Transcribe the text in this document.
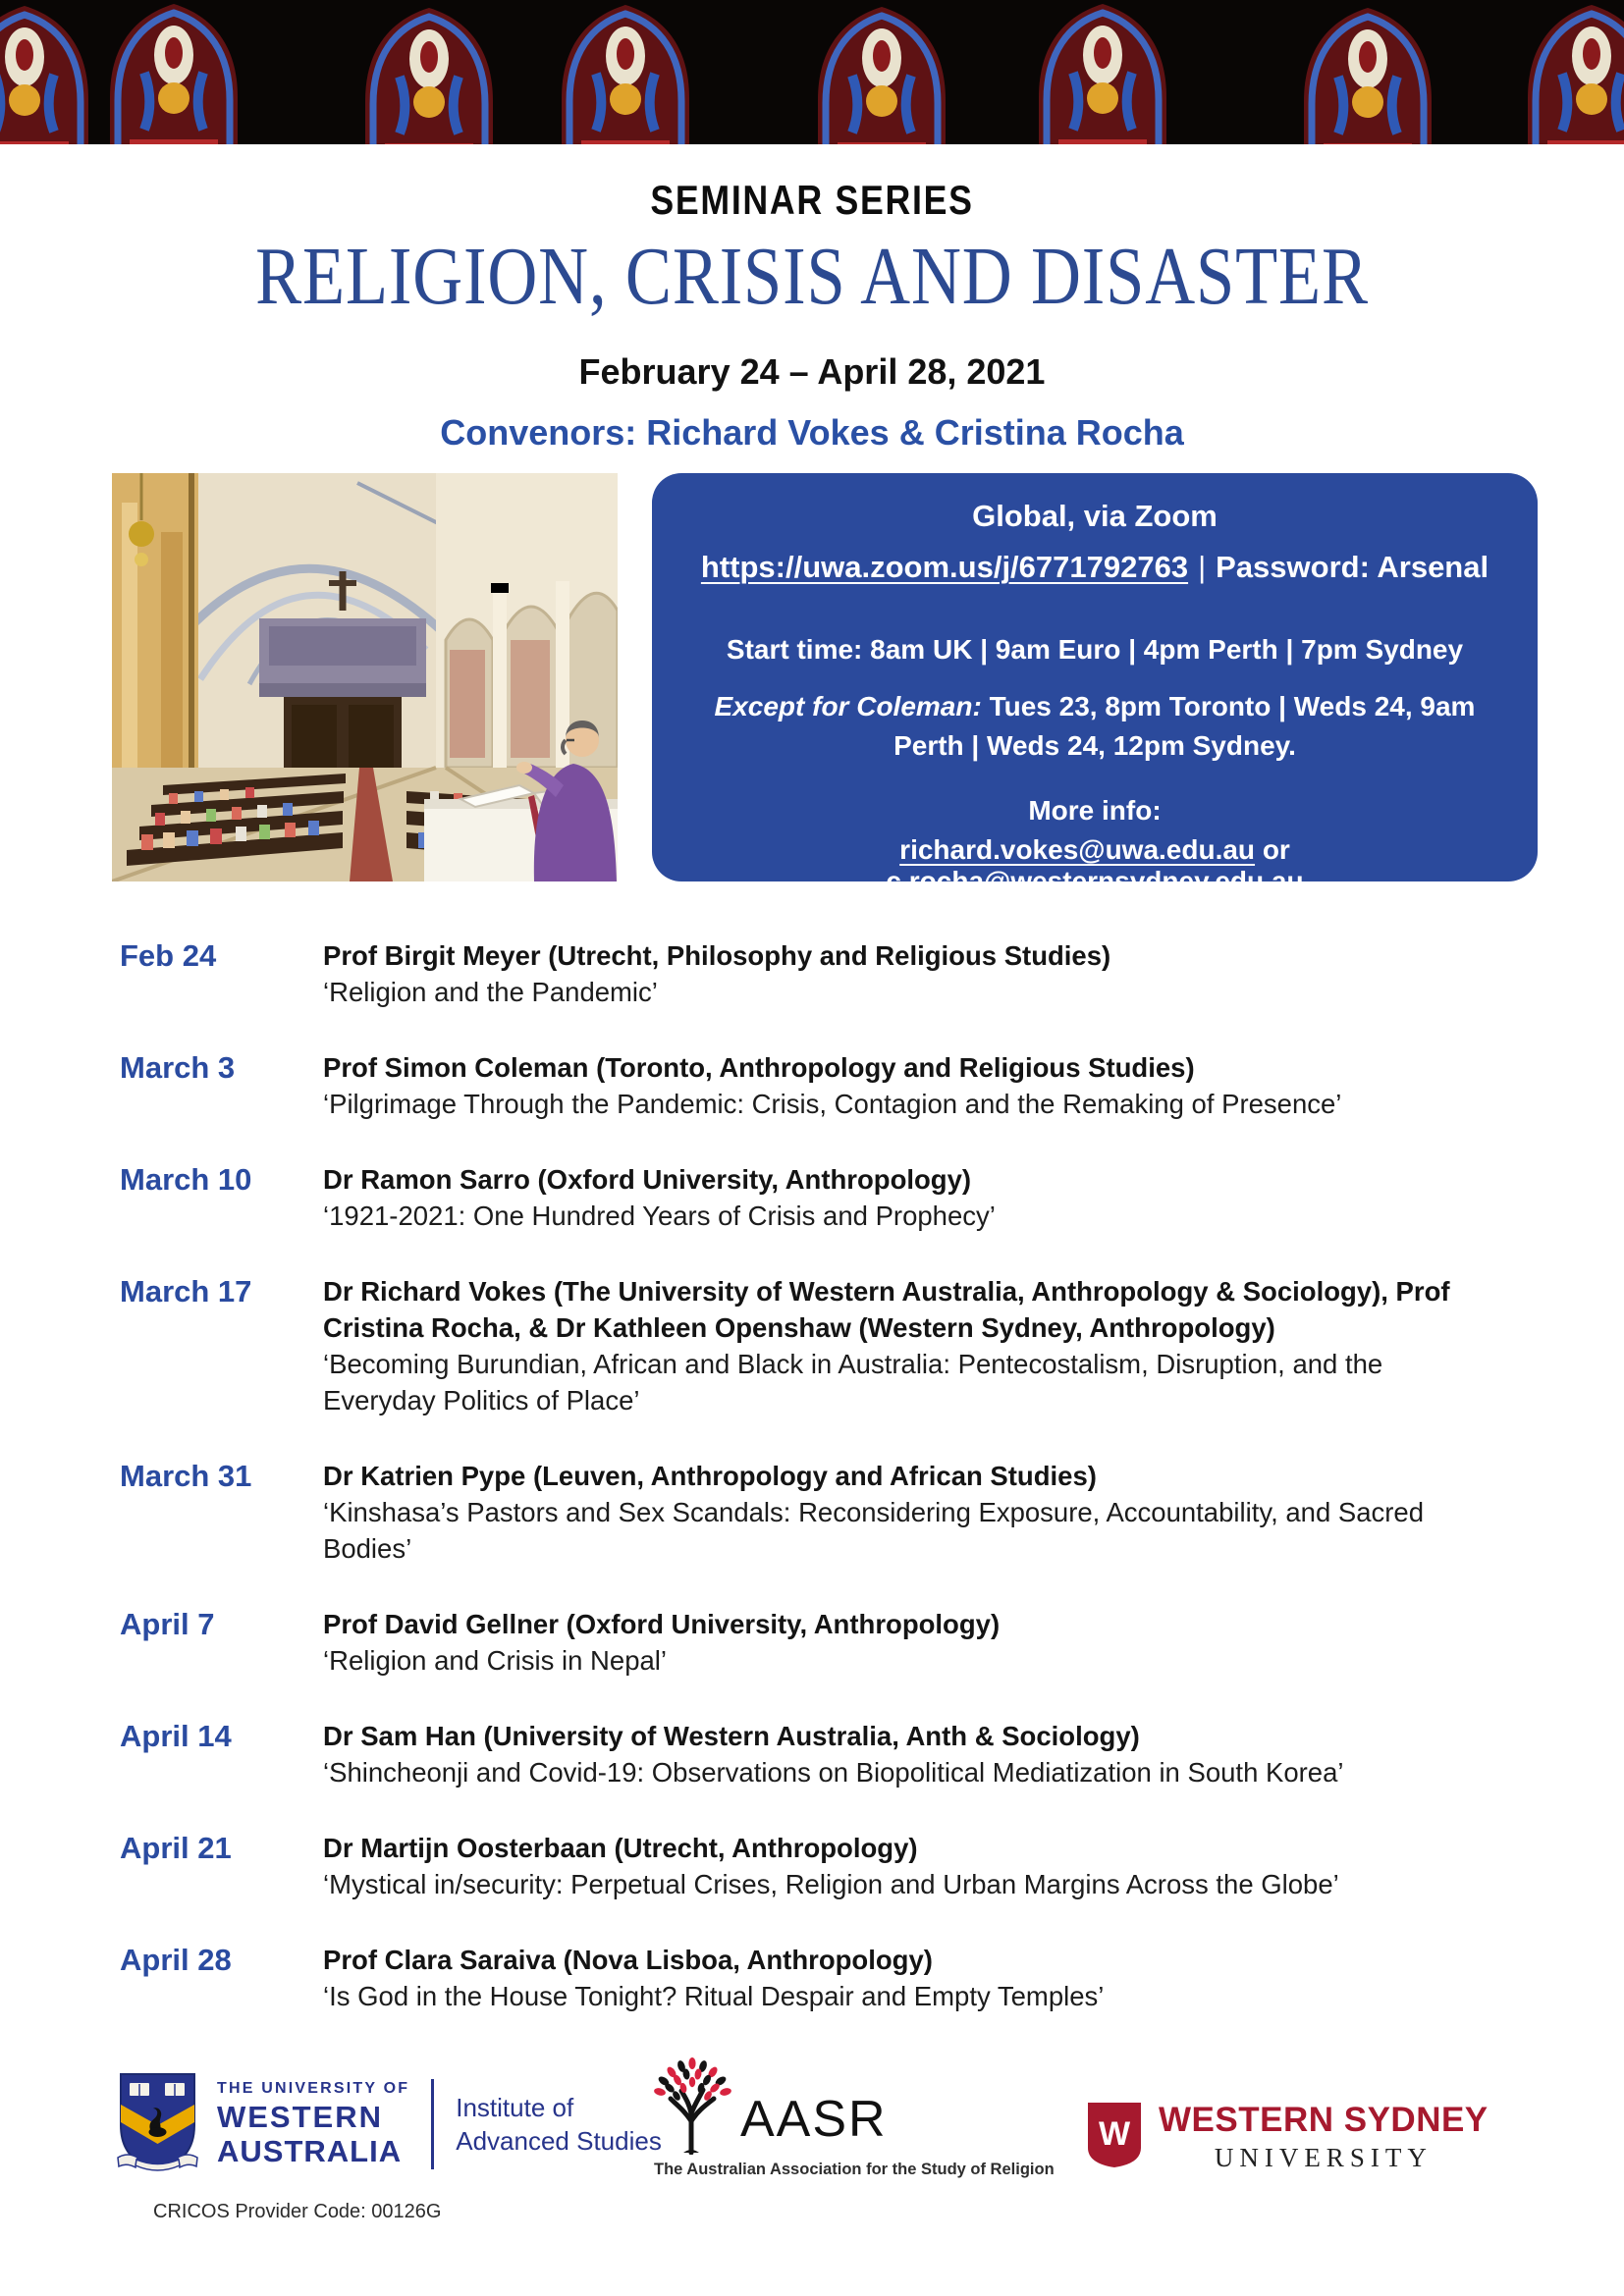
SEMINAR SERIES
RELIGION, CRISIS AND DISASTER
February 24 – April 28, 2021
Convenors: Richard Vokes & Cristina Rocha
Global, via Zoom
https://uwa.zoom.us/j/6771792763 | Password: Arsenal
Start time: 8am UK | 9am Euro | 4pm Perth | 7pm Sydney
Except for Coleman: Tues 23, 8pm Toronto | Weds 24, 9am Perth | Weds 24, 12pm Sydney.
More info:
richard.vokes@uwa.edu.au or c.rocha@westernsydney.edu.au
Feb 24	Prof Birgit Meyer (Utrecht, Philosophy and Religious Studies)
‘Religion and the Pandemic’
March 3	Prof Simon Coleman (Toronto, Anthropology and Religious Studies)
‘Pilgrimage Through the Pandemic: Crisis, Contagion and the Remaking of Presence’
March 10	Dr Ramon Sarro (Oxford University, Anthropology)
‘1921-2021: One Hundred Years of Crisis and Prophecy’
March 17	Dr Richard Vokes (The University of Western Australia, Anthropology & Sociology), Prof Cristina Rocha, & Dr Kathleen Openshaw (Western Sydney, Anthropology)
‘Becoming Burundian, African and Black in Australia: Pentecostalism, Disruption, and the Everyday Politics of Place’
March 31	Dr Katrien Pype (Leuven, Anthropology and African Studies)
‘Kinshasa’s Pastors and Sex Scandals: Reconsidering Exposure, Accountability, and Sacred Bodies’
April 7	Prof David Gellner (Oxford University, Anthropology)
‘Religion and Crisis in Nepal’
April 14	Dr Sam Han (University of Western Australia, Anth & Sociology)
‘Shincheonji and Covid-19: Observations on Biopolitical Mediatization in South Korea’
April 21	Dr Martijn Oosterbaan (Utrecht, Anthropology)
‘Mystical in/security: Perpetual Crises, Religion and Urban Margins Across the Globe’
April 28	Prof Clara Saraiva (Nova Lisboa, Anthropology)
‘Is God in the House Tonight? Ritual Despair and Empty Temples’
THE UNIVERSITY OF
WESTERN
AUSTRALIA
Institute of
Advanced Studies AASR
The Australian Association for the Study of Religion
W WESTERN SYDNEY
UNIVERSITY
CRICOS Provider Code: 00126G
